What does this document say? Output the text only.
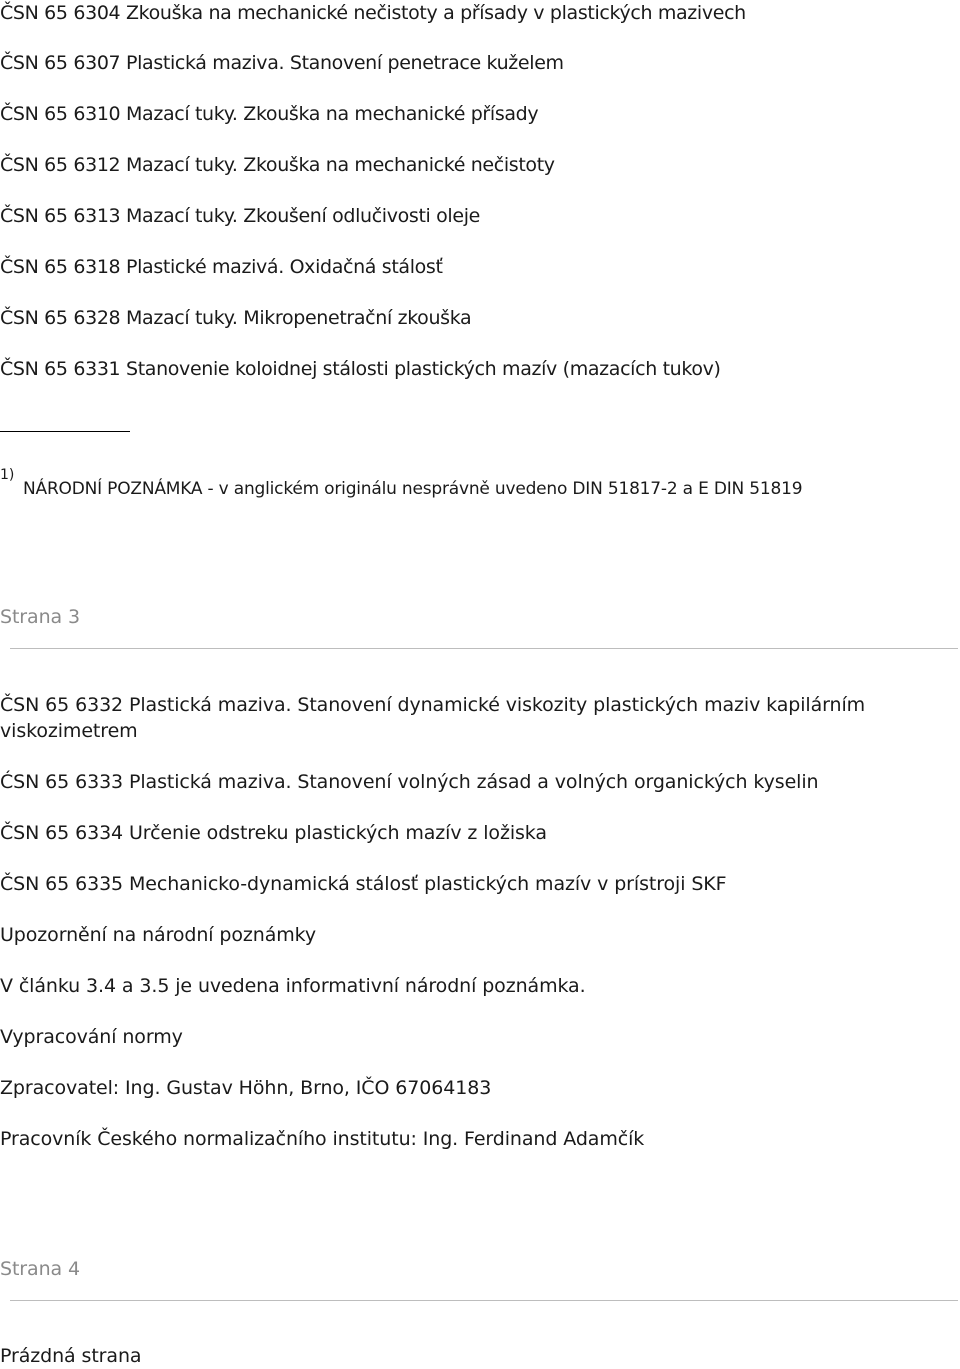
ČSN 65 6304 Zkouška na mechanické nečistoty a přísady v plastických mazivech

ČSN 65 6307 Plastická maziva. Stanovení penetrace kuželem

ČSN 65 6310 Mazací tuky. Zkouška na mechanické přísady

ČSN 65 6312 Mazací tuky. Zkouška na mechanické nečistoty

ČSN 65 6313 Mazací tuky. Zkoušení odlučivosti oleje

ČSN 65 6318 Plastické mazivá. Oxidačná stálosť

ČSN 65 6328 Mazací tuky. Mikropenetrační zkouška

ČSN 65 6331 Stanovenie koloidnej stálosti plastických mazív (mazacích tukov)

1)
NÁRODNÍ POZNÁMKA - v anglickém originálu nesprávně uvedeno DIN 51817-2 a E DIN 51819

Strana 3

ČSN 65 6332 Plastická maziva. Stanovení dynamické viskozity plastických maziv kapilárním viskozimetrem

ĆSN 65 6333 Plastická maziva. Stanovení volných zásad a volných organických kyselin

ČSN 65 6334 Určenie odstreku plastických mazív z ložiska

ČSN 65 6335 Mechanicko-dynamická stálosť plastických mazív v prístroji SKF

Upozornění na národní poznámky

V článku 3.4 a 3.5 je uvedena informativní národní poznámka.

Vypracování normy

Zpracovatel: Ing. Gustav Höhn, Brno, IČO 67064183

Pracovník Českého normalizačního institutu: Ing. Ferdinand Adamčík

Strana 4

Prázdná strana
